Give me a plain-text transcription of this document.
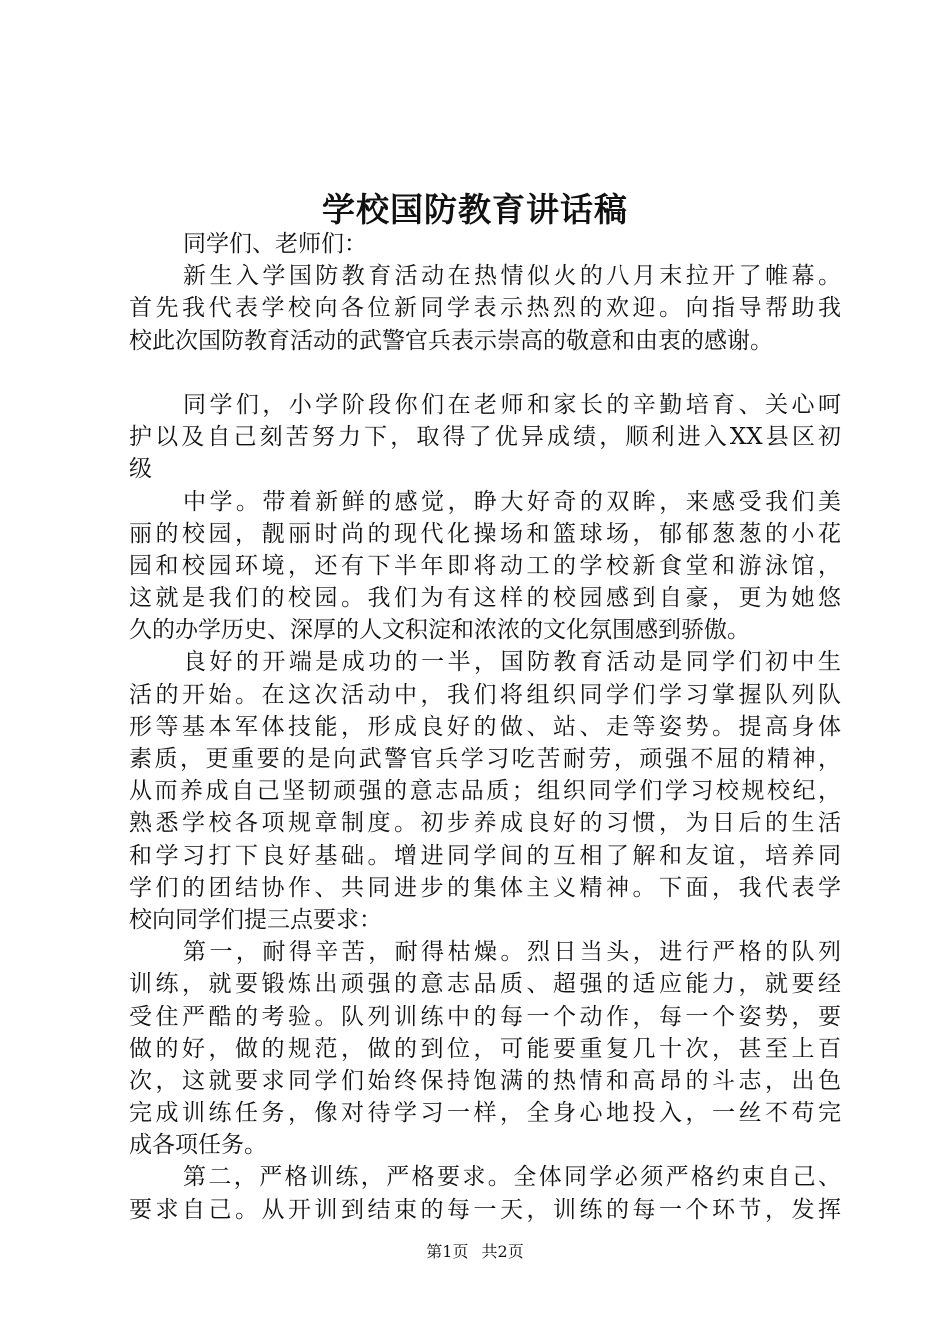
学校国防教育讲话稿
同学们、老师们：
新生入学国防教育活动在热情似火的八月末拉开了帷幕。
首先我代表学校向各位新同学表示热烈的欢迎。向指导帮助我
校此次国防教育活动的武警官兵表示崇高的敬意和由衷的感谢。
同学们，小学阶段你们在老师和家长的辛勤培育、关心呵
护以及自己刻苦努力下，取得了优异成绩，顺利进入XX县区初
级
中学。带着新鲜的感觉，睁大好奇的双眸，来感受我们美
丽的校园，靓丽时尚的现代化操场和篮球场，郁郁葱葱的小花
园和校园环境，还有下半年即将动工的学校新食堂和游泳馆，
这就是我们的校园。我们为有这样的校园感到自豪，更为她悠
久的办学历史、深厚的人文积淀和浓浓的文化氛围感到骄傲。
良好的开端是成功的一半，国防教育活动是同学们初中生
活的开始。在这次活动中，我们将组织同学们学习掌握队列队
形等基本军体技能，形成良好的做、站、走等姿势。提高身体
素质，更重要的是向武警官兵学习吃苦耐劳，顽强不屈的精神，
从而养成自己坚韧顽强的意志品质；组织同学们学习校规校纪，
熟悉学校各项规章制度。初步养成良好的习惯，为日后的生活
和学习打下良好基础。增进同学间的互相了解和友谊，培养同
学们的团结协作、共同进步的集体主义精神。下面，我代表学
校向同学们提三点要求：
第一，耐得辛苦，耐得枯燥。烈日当头，进行严格的队列
训练，就要锻炼出顽强的意志品质、超强的适应能力，就要经
受住严酷的考验。队列训练中的每一个动作，每一个姿势，要
做的好，做的规范，做的到位，可能要重复几十次，甚至上百
次，这就要求同学们始终保持饱满的热情和高昂的斗志，出色
完成训练任务，像对待学习一样，全身心地投入，一丝不苟完
成各项任务。
第二，严格训练，严格要求。全体同学必须严格约束自己、
要求自己。从开训到结束的每一天，训练的每一个环节，发挥
第1页 共2页
